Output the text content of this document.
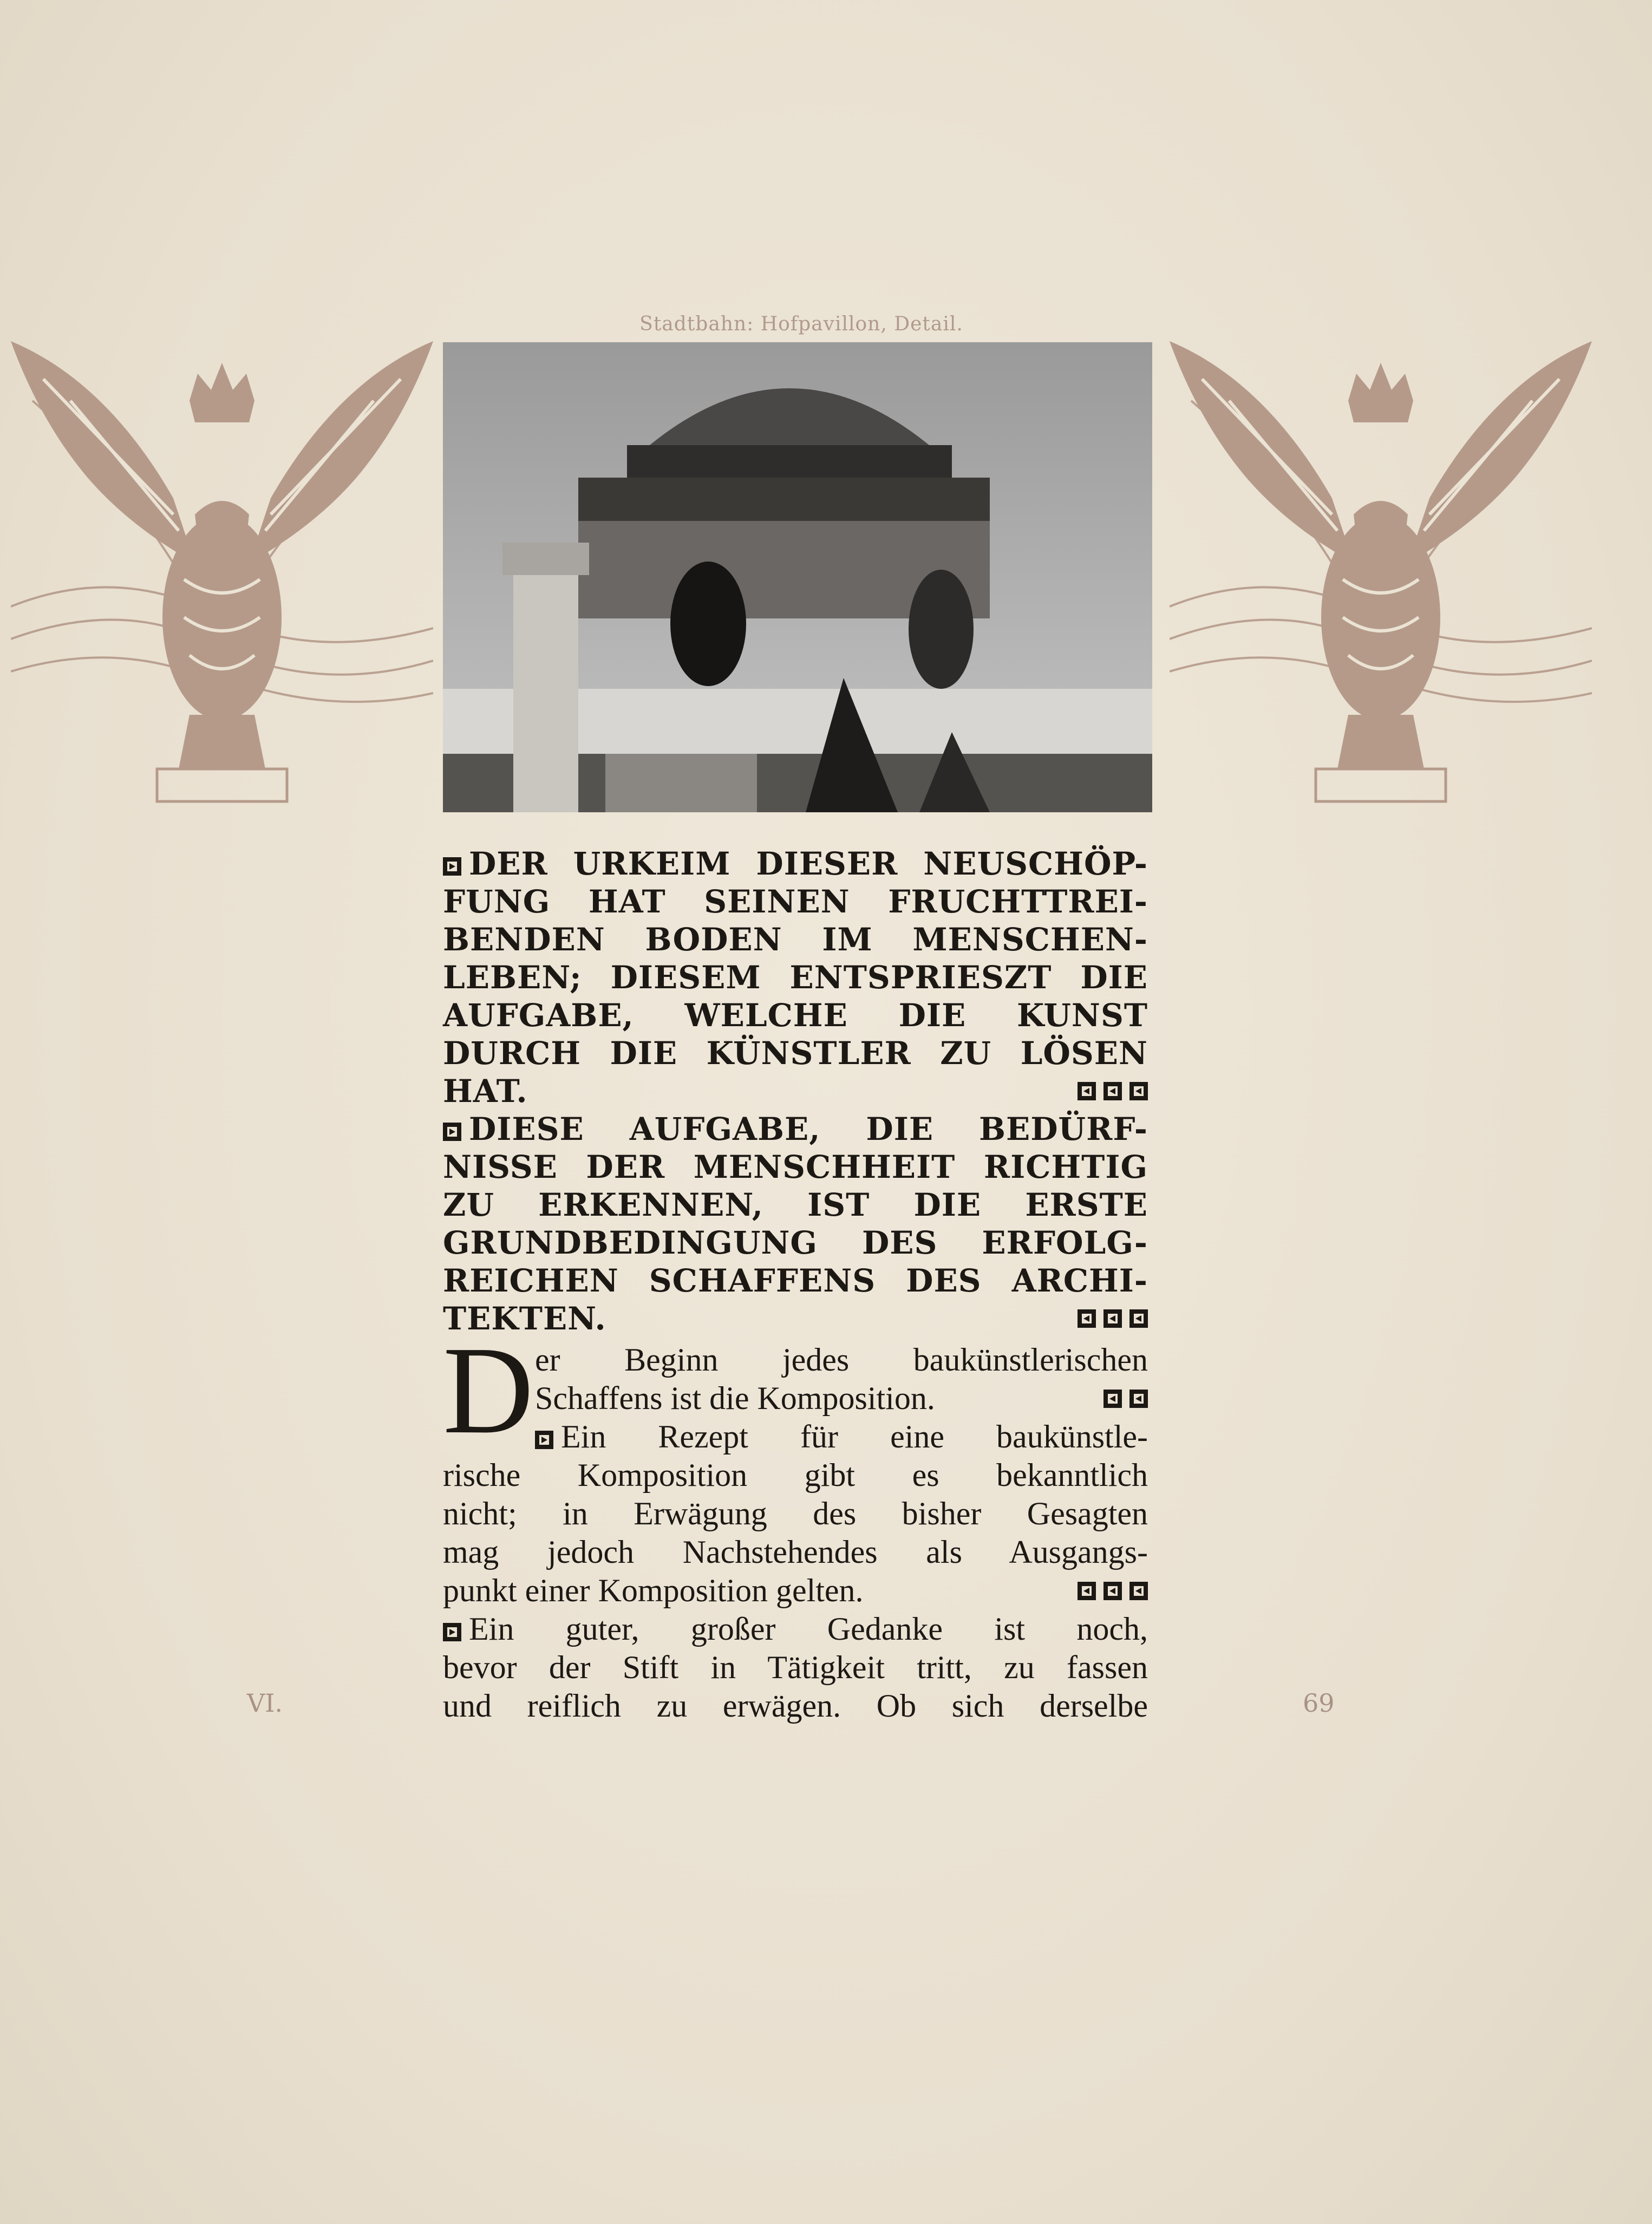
Stadtbahn: Hofpavillon, Detail.

DER URKEIM DIESER NEUSCHÖP-

FUNG HAT SEINEN FRUCHTTREI-

BENDEN BODEN IM MENSCHEN-

LEBEN; DIESEM ENTSPRIESZT DIE

AUFGABE, WELCHE DIE KUNST

DURCH DIE KÜNSTLER ZU LÖSEN

HAT.

DIESE AUFGABE, DIE BEDÜRF-

NISSE DER MENSCHHEIT RICHTIG

ZU ERKENNEN, IST DIE ERSTE

GRUNDBEDINGUNG DES ERFOLG-

REICHEN SCHAFFENS DES ARCHI-

TEKTEN.
D er Beginn jedes baukünstlerischen

Schaffens ist die Komposition.

Ein Rezept für eine baukünstle-

rische Komposition gibt es bekanntlich

nicht; in Erwägung des bisher Gesagten

mag jedoch Nachstehendes als Ausgangs-

punkt einer Komposition gelten.

Ein guter, großer Gedanke ist noch,

bevor der Stift in Tätigkeit tritt, zu fassen

und reiflich zu erwägen. Ob sich derselbe

VI.	69
